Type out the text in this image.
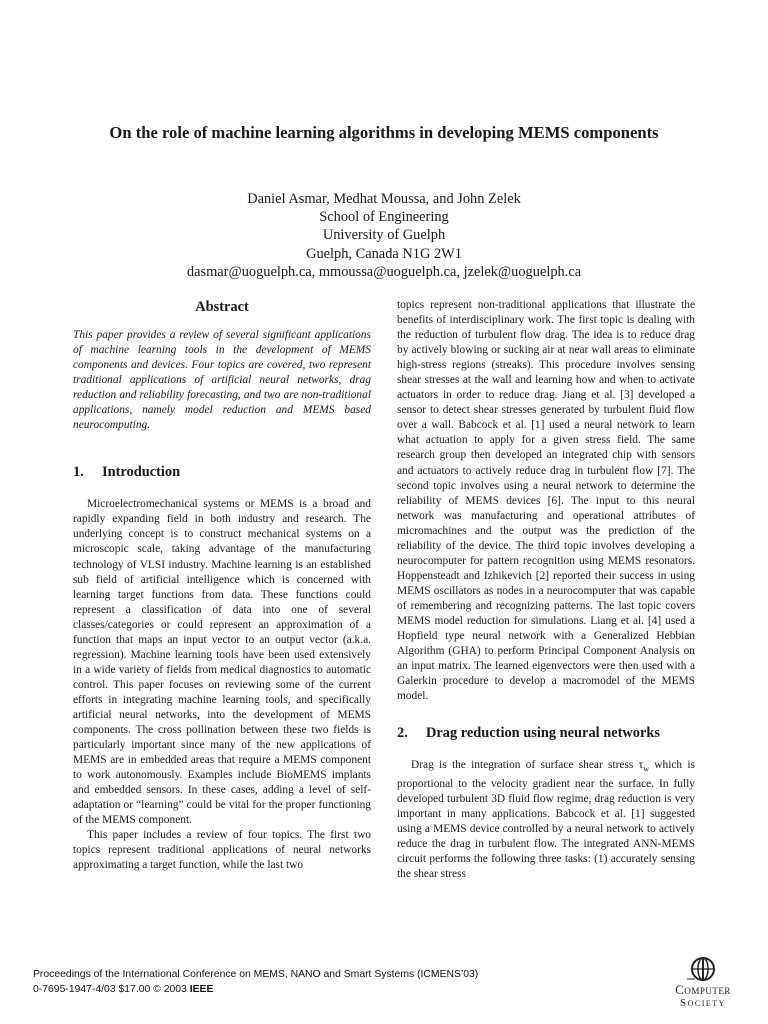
On the role of machine learning algorithms in developing MEMS components
Daniel Asmar, Medhat Moussa, and John Zelek
School of Engineering
University of Guelph
Guelph, Canada N1G 2W1
dasmar@uoguelph.ca, mmoussa@uoguelph.ca, jzelek@uoguelph.ca
Abstract

This paper provides a review of several significant applications of machine learning tools in the development of MEMS components and devices. Four topics are covered, two represent traditional applications of artificial neural networks, drag reduction and reliability forecasting, and two are non-traditional applications, namely model reduction and MEMS based neurocomputing.

1. Introduction

Microelectromechanical systems or MEMS is a broad and rapidly expanding field in both industry and research. The underlying concept is to construct mechanical systems on a microscopic scale, taking advantage of the manufacturing technology of VLSI industry. Machine learning is an established sub field of artificial intelligence which is concerned with learning target functions from data. These functions could represent a classification of data into one of several classes/categories or could represent an approximation of a function that maps an input vector to an output vector (a.k.a. regression). Machine learning tools have been used extensively in a wide variety of fields from medical diagnostics to automatic control. This paper focuses on reviewing some of the current efforts in integrating machine learning tools, and specifically artificial neural networks, into the development of MEMS components. The cross pollination between these two fields is particularly important since many of the new applications of MEMS are in embedded areas that require a MEMS component to work autonomously. Examples include BioMEMS implants and embedded sensors. In these cases, adding a level of self-adaptation or “learning” could be vital for the proper functioning of the MEMS component.

This paper includes a review of four topics. The first two topics represent traditional applications of neural networks approximating a target function, while the last two

topics represent non-traditional applications that illustrate the benefits of interdisciplinary work. The first topic is dealing with the reduction of turbulent flow drag. The idea is to reduce drag by actively blowing or sucking air at near wall areas to eliminate high-stress regions (streaks). This procedure involves sensing shear stresses at the wall and learning how and when to activate actuators in order to reduce drag. Jiang et al. [3] developed a sensor to detect shear stresses generated by turbulent fluid flow over a wall. Babcock et al. [1] used a neural network to learn what actuation to apply for a given stress field. The same research group then developed an integrated chip with sensors and actuators to actively reduce drag in turbulent flow [7]. The second topic involves using a neural network to determine the reliability of MEMS devices [6]. The input to this neural network was manufacturing and operational attributes of micromachines and the output was the prediction of the reliability of the device. The third topic involves developing a neurocomputer for pattern recognition using MEMS resonators. Hoppensteadt and Izhikevich [2] reported their success in using MEMS oscillators as nodes in a neurocomputer that was capable of remembering and recognizing patterns. The last topic covers MEMS model reduction for simulations. Liang et al. [4] used a Hopfield type neural network with a Generalized Hebbian Algorithm (GHA) to perform Principal Component Analysis on an input matrix. The learned eigenvectors were then used with a Galerkin procedure to develop a macromodel of the MEMS model.

2. Drag reduction using neural networks

Drag is the integration of surface shear stress $\tau_w$ which is proportional to the velocity gradient near the surface. In fully developed turbulent 3D fluid flow regime, drag reduction is very important in many applications. Babcock et al. [1] suggested using a MEMS device controlled by a neural network to actively reduce the drag in turbulent flow. The integrated ANN-MEMS circuit performs the following three tasks: (1) accurately sensing the shear stress

Proceedings of the International Conference on MEMS, NANO and Smart Systems (ICMENS’03)
0-7695-1947-4/03 $17.00 © 2003 IEEE	Computer
Society
